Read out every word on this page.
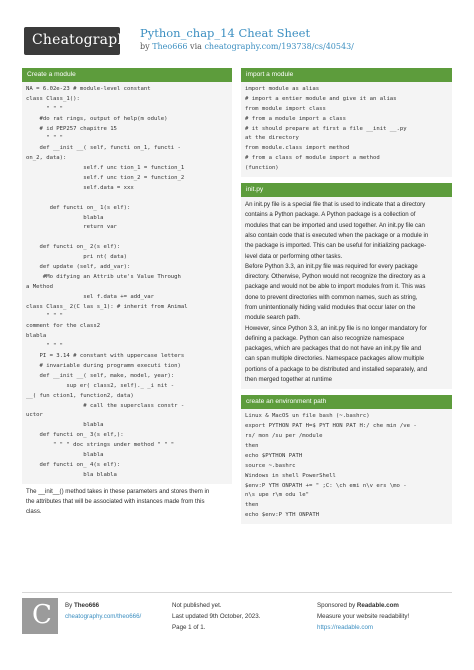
Cheatography Python_chap_14 Cheat Sheet
by Theo666 via cheatography.com/193738/cs/40543/
Create a module
NA = 6.02e-23 # module-level constant
class Class_1():
" " "
#do rat rings, output of help(m odule)
# id PEP257 chapitre 15
" " "
def __init __( self, functi on_1, functi -
on_2, data):
self.f unc tion_1 = function_1
self.f unc tion_2 = function_2
self.data = xxx

def functi on_ 1(s elf):
blabla
return var

def functi on_ 2(s elf):
pri nt( data)
def update (self, add_var):
#Mo difying an Attrib ute's Value Through
a Method
sel f.data += add_var
class Class_ 2(C las s_1): # inherit from Animal
" " "
comment for the class2
blabla
" " "
PI = 3.14 # constant with uppercase letters
# invariable during programm executi tion)
def __init __( self, make, model, year):
sup er( class2, self)._ _i nit -
__( fun ction1, function2, data)
# call the superclass constr -
uctor
blabla
def functi on_ 3(s elf,):
" " " doc strings under method " " "
blabla
def functi on_ 4(s elf):
bla blabla
The __init__() method takes in these parameters and stores them in
the attributes that will be associated with instances made from this
class.
import a module
import module as alias
# import a entier module and give it an alias
from module import class
# from a module import a class
# it should prepare at first a file __init __.py
at the directory
from module.class import method
# from a class of module import a method
(function)
init.py
An init.py file is a special file that is used to indicate that a directory
contains a Python package. A Python package is a collection of
modules that can be imported and used together. An init.py file can
also contain code that is executed when the package or a module in
the package is imported. This can be useful for initializing package-
level data or performing other tasks.
Before Python 3.3, an init.py file was required for every package
directory. Otherwise, Python would not recognize the directory as a
package and would not be able to import modules from it. This was
done to prevent directories with common names, such as string,
from unintentionally hiding valid modules that occur later on the
module search path.
However, since Python 3.3, an init.py file is no longer mandatory for
defining a package. Python can also recognize namespace
packages, which are packages that do not have an init.py file and
can span multiple directories. Namespace packages allow multiple
portions of a package to be distributed and installed separately, and
then merged together at runtime
create an environment path
Linux & MacOS un file bash (~.bashrc)
export PYTHON PAT H=$ PYT HON PAT H:/ che min /ve -
rs/ mon /su per /module
then
echo $PYTHON PATH
source ~.bashrc
Windows in shell PowerShell
$env:P YTH ONPATH += " ;C: \ch emi n\v ers \mo -
n\s upe r\m odu le"
then
echo $env:P YTH ONPATH
C By Theo666
cheatography.com/theo666/
Not published yet.
Last updated 9th October, 2023.
Page 1 of 1.
Sponsored by Readable.com
Measure your website readability!
https://readable.com
